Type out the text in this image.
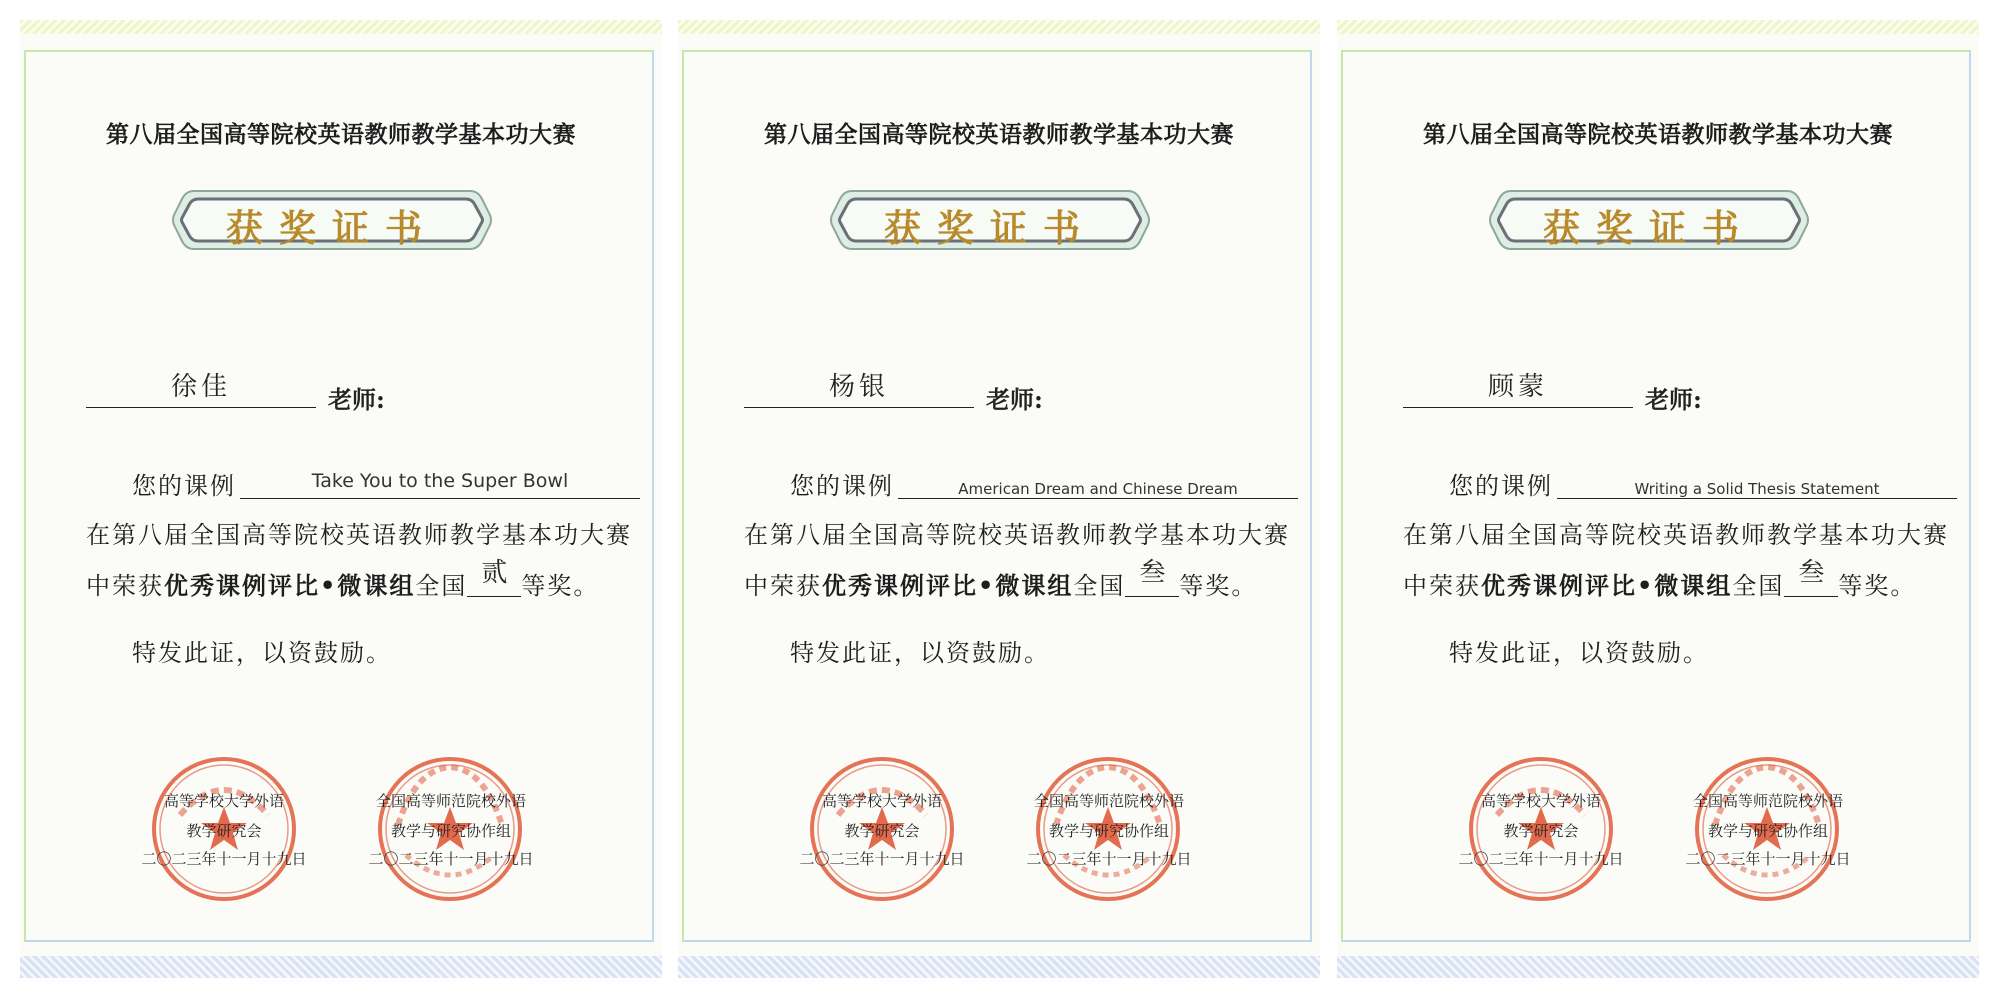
第八届全国高等院校英语教师教学基本功大赛
获奖证书
徐佳	老师:
您的课例	Take You to the Super Bowl
在第八届全国高等院校英语教师教学基本功大赛
中荣获优秀课例评比•微课组全国 等奖。
贰
特发此证，以资鼓励。
高等学校大学外语
教学研究会
二〇二三年十一月十九日
全国高等师范院校外语
教学与研究协作组
二〇二三年十一月十九日
第八届全国高等院校英语教师教学基本功大赛
获奖证书
杨银	老师:
您的课例	American Dream and Chinese Dream
在第八届全国高等院校英语教师教学基本功大赛
中荣获优秀课例评比•微课组全国 等奖。
叁
特发此证，以资鼓励。
高等学校大学外语
教学研究会
二〇二三年十一月十九日
全国高等师范院校外语
教学与研究协作组
二〇二三年十一月十九日
第八届全国高等院校英语教师教学基本功大赛
获奖证书
顾蒙	老师:
您的课例	Writing a Solid Thesis Statement
在第八届全国高等院校英语教师教学基本功大赛
中荣获优秀课例评比•微课组全国 等奖。
叁
特发此证，以资鼓励。
高等学校大学外语
教学研究会
二〇二三年十一月十九日
全国高等师范院校外语
教学与研究协作组
二〇二三年十一月十九日
